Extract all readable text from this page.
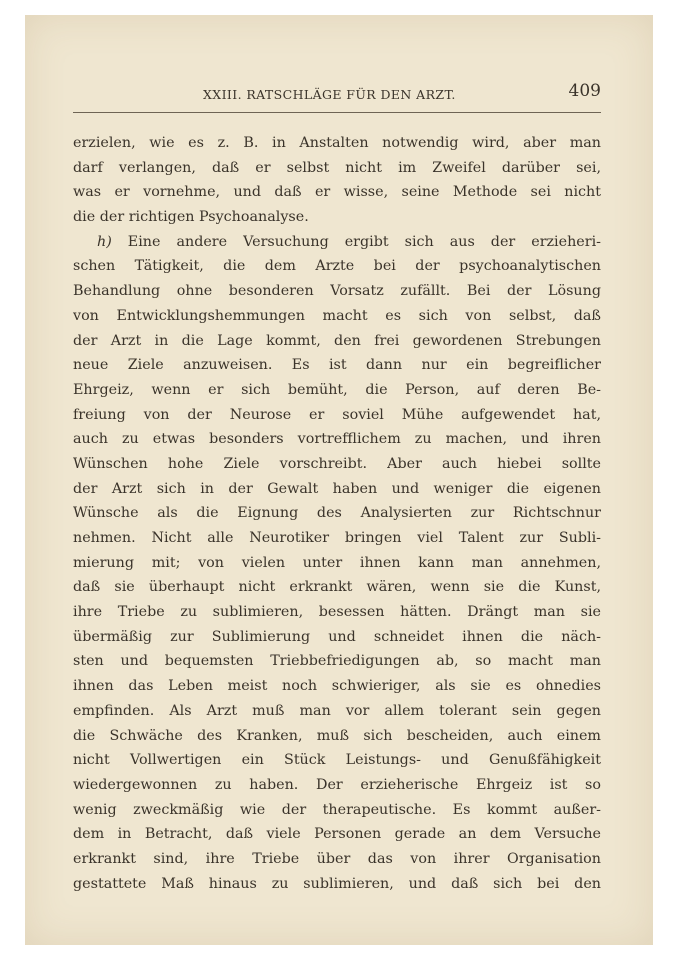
XXIII. RATSCHLÄGE FÜR DEN ARZT.	409
erzielen, wie es z. B. in Anstalten notwendig wird, aber man
darf verlangen, daß er selbst nicht im Zweifel darüber sei,
was er vornehme, und daß er wisse, seine Methode sei nicht
die der richtigen Psychoanalyse.
h) Eine andere Versuchung ergibt sich aus der erzieheri-
schen Tätigkeit, die dem Arzte bei der psychoanalytischen
Behandlung ohne besonderen Vorsatz zufällt. Bei der Lösung
von Entwicklungshemmungen macht es sich von selbst, daß
der Arzt in die Lage kommt, den frei gewordenen Strebungen
neue Ziele anzuweisen. Es ist dann nur ein begreiflicher
Ehrgeiz, wenn er sich bemüht, die Person, auf deren Be-
freiung von der Neurose er soviel Mühe aufgewendet hat,
auch zu etwas besonders vortrefflichem zu machen, und ihren
Wünschen hohe Ziele vorschreibt. Aber auch hiebei sollte
der Arzt sich in der Gewalt haben und weniger die eigenen
Wünsche als die Eignung des Analysierten zur Richtschnur
nehmen. Nicht alle Neurotiker bringen viel Talent zur Subli-
mierung mit; von vielen unter ihnen kann man annehmen,
daß sie überhaupt nicht erkrankt wären, wenn sie die Kunst,
ihre Triebe zu sublimieren, besessen hätten. Drängt man sie
übermäßig zur Sublimierung und schneidet ihnen die näch-
sten und bequemsten Triebbefriedigungen ab, so macht man
ihnen das Leben meist noch schwieriger, als sie es ohnedies
empfinden. Als Arzt muß man vor allem tolerant sein gegen
die Schwäche des Kranken, muß sich bescheiden, auch einem
nicht Vollwertigen ein Stück Leistungs- und Genußfähigkeit
wiedergewonnen zu haben. Der erzieherische Ehrgeiz ist so
wenig zweckmäßig wie der therapeutische. Es kommt außer-
dem in Betracht, daß viele Personen gerade an dem Versuche
erkrankt sind, ihre Triebe über das von ihrer Organisation
gestattete Maß hinaus zu sublimieren, und daß sich bei den
